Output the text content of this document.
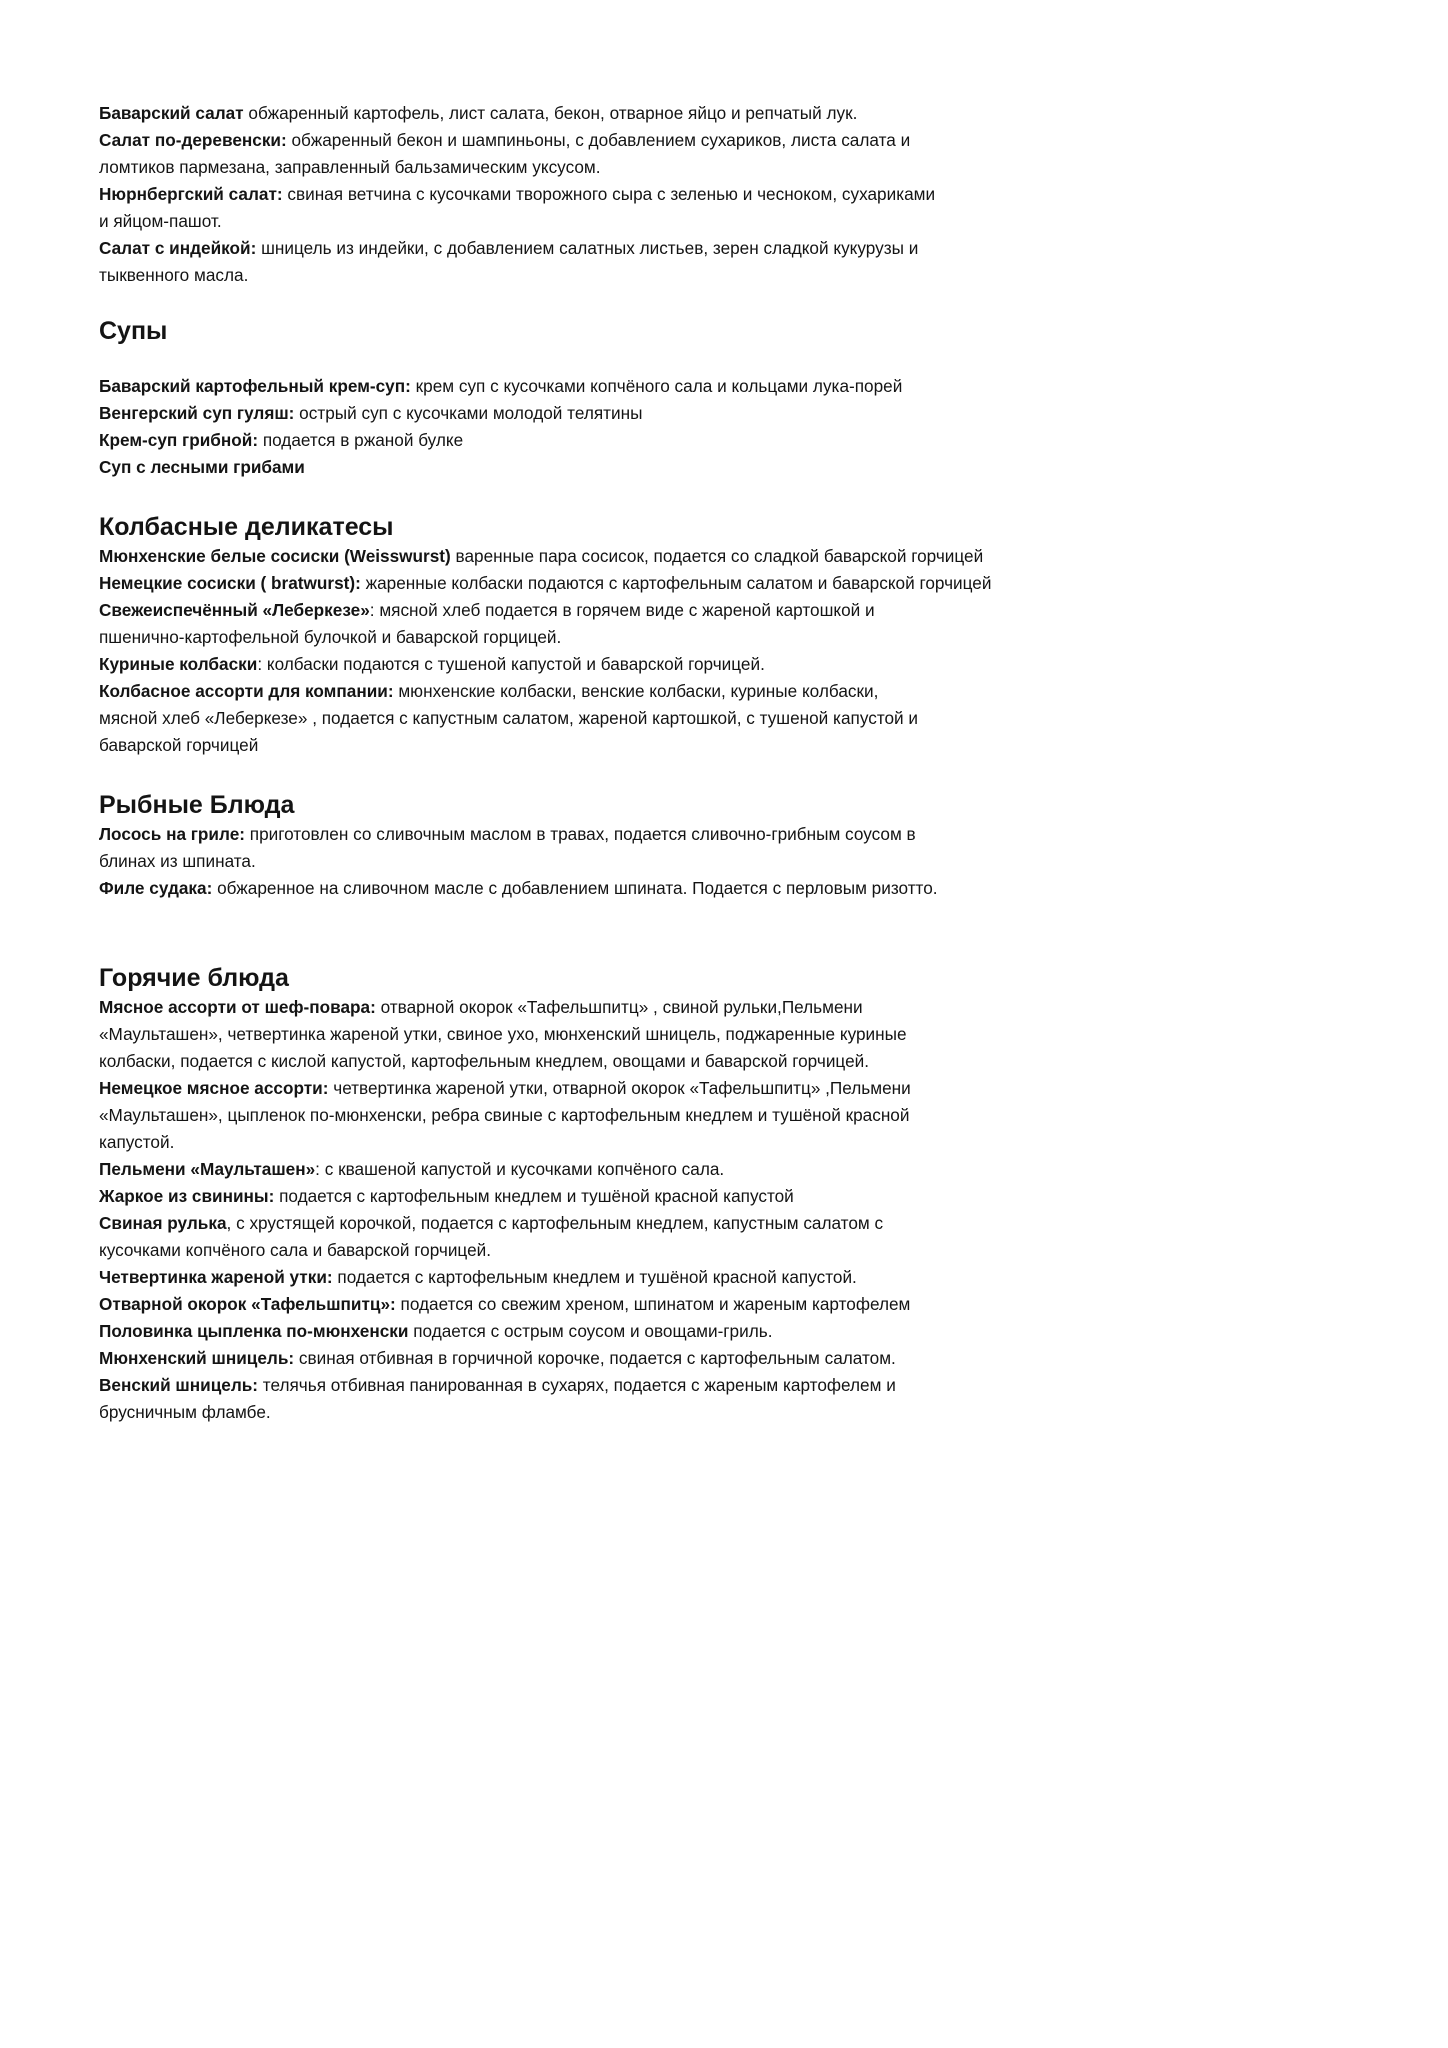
Баварский салат обжаренный картофель, лист салата, бекон, отварное яйцо и репчатый лук.

Салат по-деревенски: обжаренный бекон и шампиньоны, с добавлением сухариков, листа салата и

ломтиков пармезана, заправленный бальзамическим уксусом.

Нюрнбергский салат: свиная ветчина с кусочками творожного сыра с зеленью и чесноком, сухариками

и яйцом-пашот.

Салат с индейкой: шницель из индейки, с добавлением салатных листьев, зерен сладкой кукурузы и

тыквенного масла.

Супы

Баварский картофельный крем-суп: крем суп с кусочками копчёного сала и кольцами лука-порей

Венгерский суп гуляш: острый суп с кусочками молодой телятины

Крем-суп грибной: подается в ржаной булке

Суп с лесными грибами

Колбасные деликатесы

Мюнхенские белые сосиски (Weisswurst) варенные пара сосисок, подается со сладкой баварской горчицей

Немецкие сосиски ( bratwurst): жаренные колбаски подаются с картофельным салатом и баварской горчицей

Свежеиспечённый «Леберкезе»: мясной хлеб подается в горячем виде с жареной картошкой и

пшенично-картофельной булочкой и баварской горцицей.

Куриные колбаски: колбаски подаются с тушеной капустой и баварской горчицей.

Колбасное ассорти для компании: мюнхенские колбаски, венские колбаски, куриные колбаски,

мясной хлеб «Леберкезе» , подается с капустным салатом, жареной картошкой, с тушеной капустой и

баварской горчицей

Рыбные Блюда

Лосось на гриле: приготовлен со сливочным маслом в травах, подается сливочно-грибным соусом в

блинах из шпината.

Филе судака: обжаренное на сливочном масле с добавлением шпината. Подается с перловым ризотто.

Горячие блюда

Мясное ассорти от шеф-повара: отварной окорок «Тафельшпитц» , свиной рульки,Пельмени

«Маульташен», четвертинка жареной утки, свиное ухо, мюнхенский шницель, поджаренные куриные

колбаски, подается с кислой капустой, картофельным кнедлем, овощами и баварской горчицей.

Немецкое мясное ассорти: четвертинка жареной утки, отварной окорок «Тафельшпитц» ,Пельмени

«Маульташен», цыпленок по-мюнхенски, ребра свиные с картофельным кнедлем и тушёной красной

капустой.

Пельмени «Маульташен»: с квашеной капустой и кусочками копчёного сала.

Жаркое из свинины: подается с картофельным кнедлем и тушёной красной капустой

Свиная рулька, с хрустящей корочкой, подается с картофельным кнедлем, капустным салатом с

кусочками копчёного сала и баварской горчицей.

Четвертинка жареной утки: подается с картофельным кнедлем и тушёной красной капустой.

Отварной окорок «Тафельшпитц»: подается со свежим хреном, шпинатом и жареным картофелем

Половинка цыпленка по-мюнхенски подается с острым соусом и овощами-гриль.

Мюнхенский шницель: свиная отбивная в горчичной корочке, подается с картофельным салатом.

Венский шницель: телячья отбивная панированная в сухарях, подается с жареным картофелем и

брусничным фламбе.
